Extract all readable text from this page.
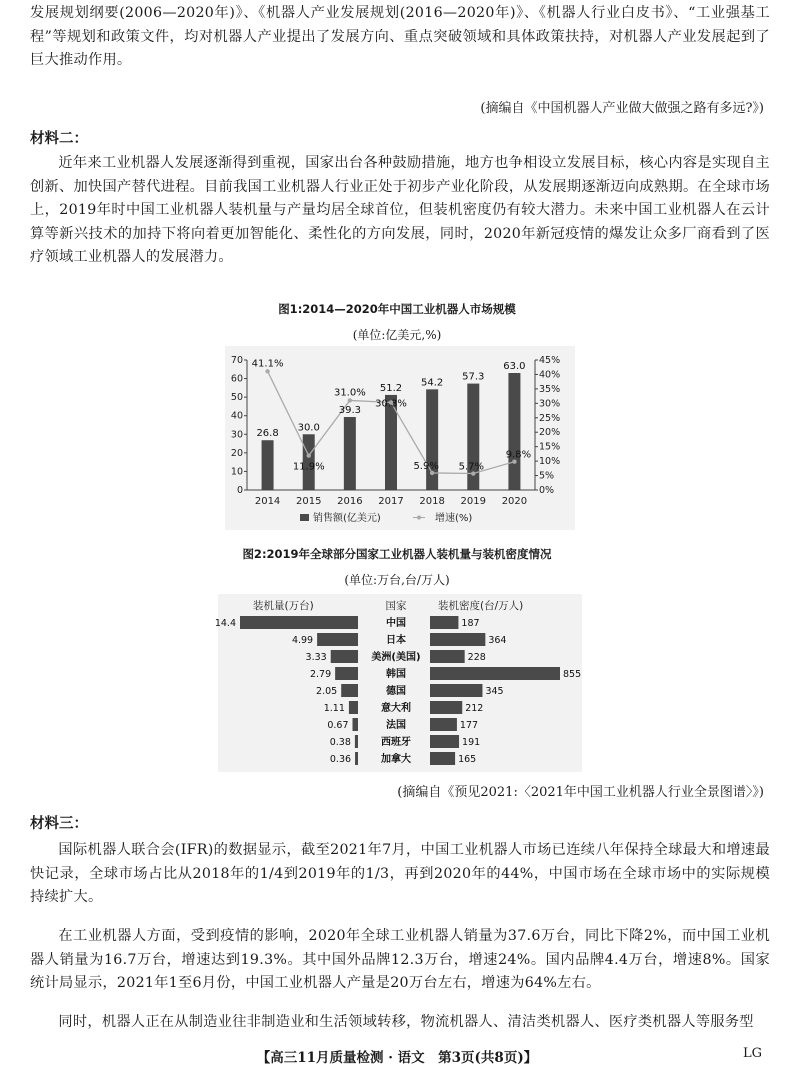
发展规划纲要(2006—2020年)》、《机器人产业发展规划(2016—2020年)》、《机器人行业白皮书》、“工业强基工程”等规划和政策文件，均对机器人产业提出了发展方向、重点突破领域和具体政策扶持，对机器人产业发展起到了巨大推动作用。

(摘编自《中国机器人产业做大做强之路有多远?》)
材料二：

近年来工业机器人发展逐渐得到重视，国家出台各种鼓励措施，地方也争相设立发展目标，核心内容是实现自主创新、加快国产替代进程。目前我国工业机器人行业正处于初步产业化阶段，从发展期逐渐迈向成熟期。在全球市场上，2019年时中国工业机器人装机量与产量均居全球首位，但装机密度仍有较大潜力。未来中国工业机器人在云计算等新兴技术的加持下将向着更加智能化、柔性化的方向发展，同时，2020年新冠疫情的爆发让众多厂商看到了医疗领域工业机器人的发展潜力。

图1:2014—2020年中国工业机器人市场规模
(单位:亿美元,%)
26.8
30.0
39.3
51.2
54.2
57.3
63.0
41.1%
11.9%
31.0%
30.3%
5.9% 5.7%
9.8%
0
10
20
30
40
50
60
70
0%
5%
10%
15%
20%
25%
30%
35%
40%
45%
2014 2015 2016 2017 2018 2019 2020
销售额(亿美元)	增速(%)
图2:2019年全球部分国家工业机器人装机量与装机密度情况
(单位:万台,台/万人)
装机量(万台)	国家	装机密度(台/万人)
14.4	中国	187
4.99	日本	364
3.33	美洲(美国)	228
2.79	韩国	855
2.05	德国	345
1.11	意大利	212
0.67	法国	177
0.38	西班牙	191
0.36	加拿大	165
(摘编自《预见2021:〈2021年中国工业机器人行业全景图谱〉》)
材料三：

国际机器人联合会(IFR)的数据显示，截至2021年7月，中国工业机器人市场已连续八年保持全球最大和增速最快记录，全球市场占比从2018年的1/4到2019年的1/3，再到2020年的44%，中国市场在全球市场中的实际规模持续扩大。

在工业机器人方面，受到疫情的影响，2020年全球工业机器人销量为37.6万台，同比下降2%，而中国工业机器人销量为16.7万台，增速达到19.3%。其中国外品牌12.3万台，增速24%。国内品牌4.4万台，增速8%。国家统计局显示，2021年1至6月份，中国工业机器人产量是20万台左右，增速为64%左右。

同时，机器人正在从制造业往非制造业和生活领域转移，物流机器人、清洁类机器人、医疗类机器人等服务型

【高三11月质量检测 · 语文　第3页(共8页)】	LG
